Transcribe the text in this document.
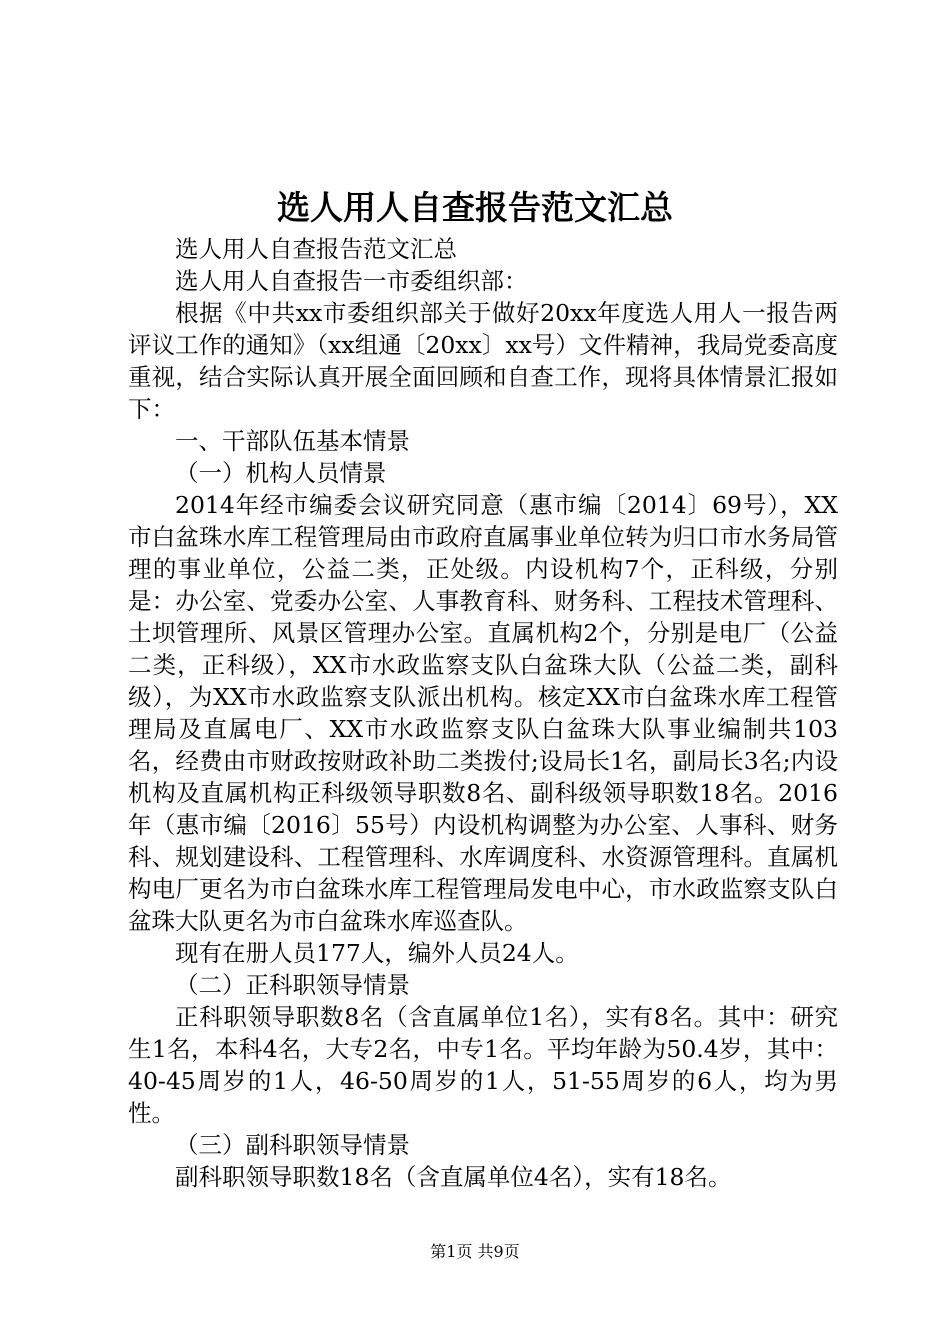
选人用人自查报告范文汇总

选人用人自查报告范文汇总

选人用人自查报告一市委组织部：

根据《中共xx市委组织部关于做好20xx年度选人用人一报告两评议工作的通知》（xx组通〔20xx〕xx号）文件精神，我局党委高度重视，结合实际认真开展全面回顾和自查工作，现将具体情景汇报如下：

一、干部队伍基本情景

（一）机构人员情景

2014年经市编委会议研究同意（惠市编〔2014〕69号），XX市白盆珠水库工程管理局由市政府直属事业单位转为归口市水务局管理的事业单位，公益二类，正处级。内设机构7个，正科级，分别是：办公室、党委办公室、人事教育科、财务科、工程技术管理科、土坝管理所、风景区管理办公室。直属机构2个，分别是电厂（公益二类，正科级），XX市水政监察支队白盆珠大队（公益二类，副科级），为XX市水政监察支队派出机构。核定XX市白盆珠水库工程管理局及直属电厂、XX市水政监察支队白盆珠大队事业编制共103名，经费由市财政按财政补助二类拨付;设局长1名，副局长3名;内设机构及直属机构正科级领导职数8名、副科级领导职数18名。2016年（惠市编〔2016〕55号）内设机构调整为办公室、人事科、财务科、规划建设科、工程管理科、水库调度科、水资源管理科。直属机构电厂更名为市白盆珠水库工程管理局发电中心，市水政监察支队白盆珠大队更名为市白盆珠水库巡查队。

现有在册人员177人，编外人员24人。

（二）正科职领导情景

正科职领导职数8名（含直属单位1名），实有8名。其中：研究生1名，本科4名，大专2名，中专1名。平均年龄为50.4岁，其中：40-45周岁的1人，46-50周岁的1人，51-55周岁的6人，均为男性。

（三）副科职领导情景

副科职领导职数18名（含直属单位4名），实有18名。

第1页 共9页
